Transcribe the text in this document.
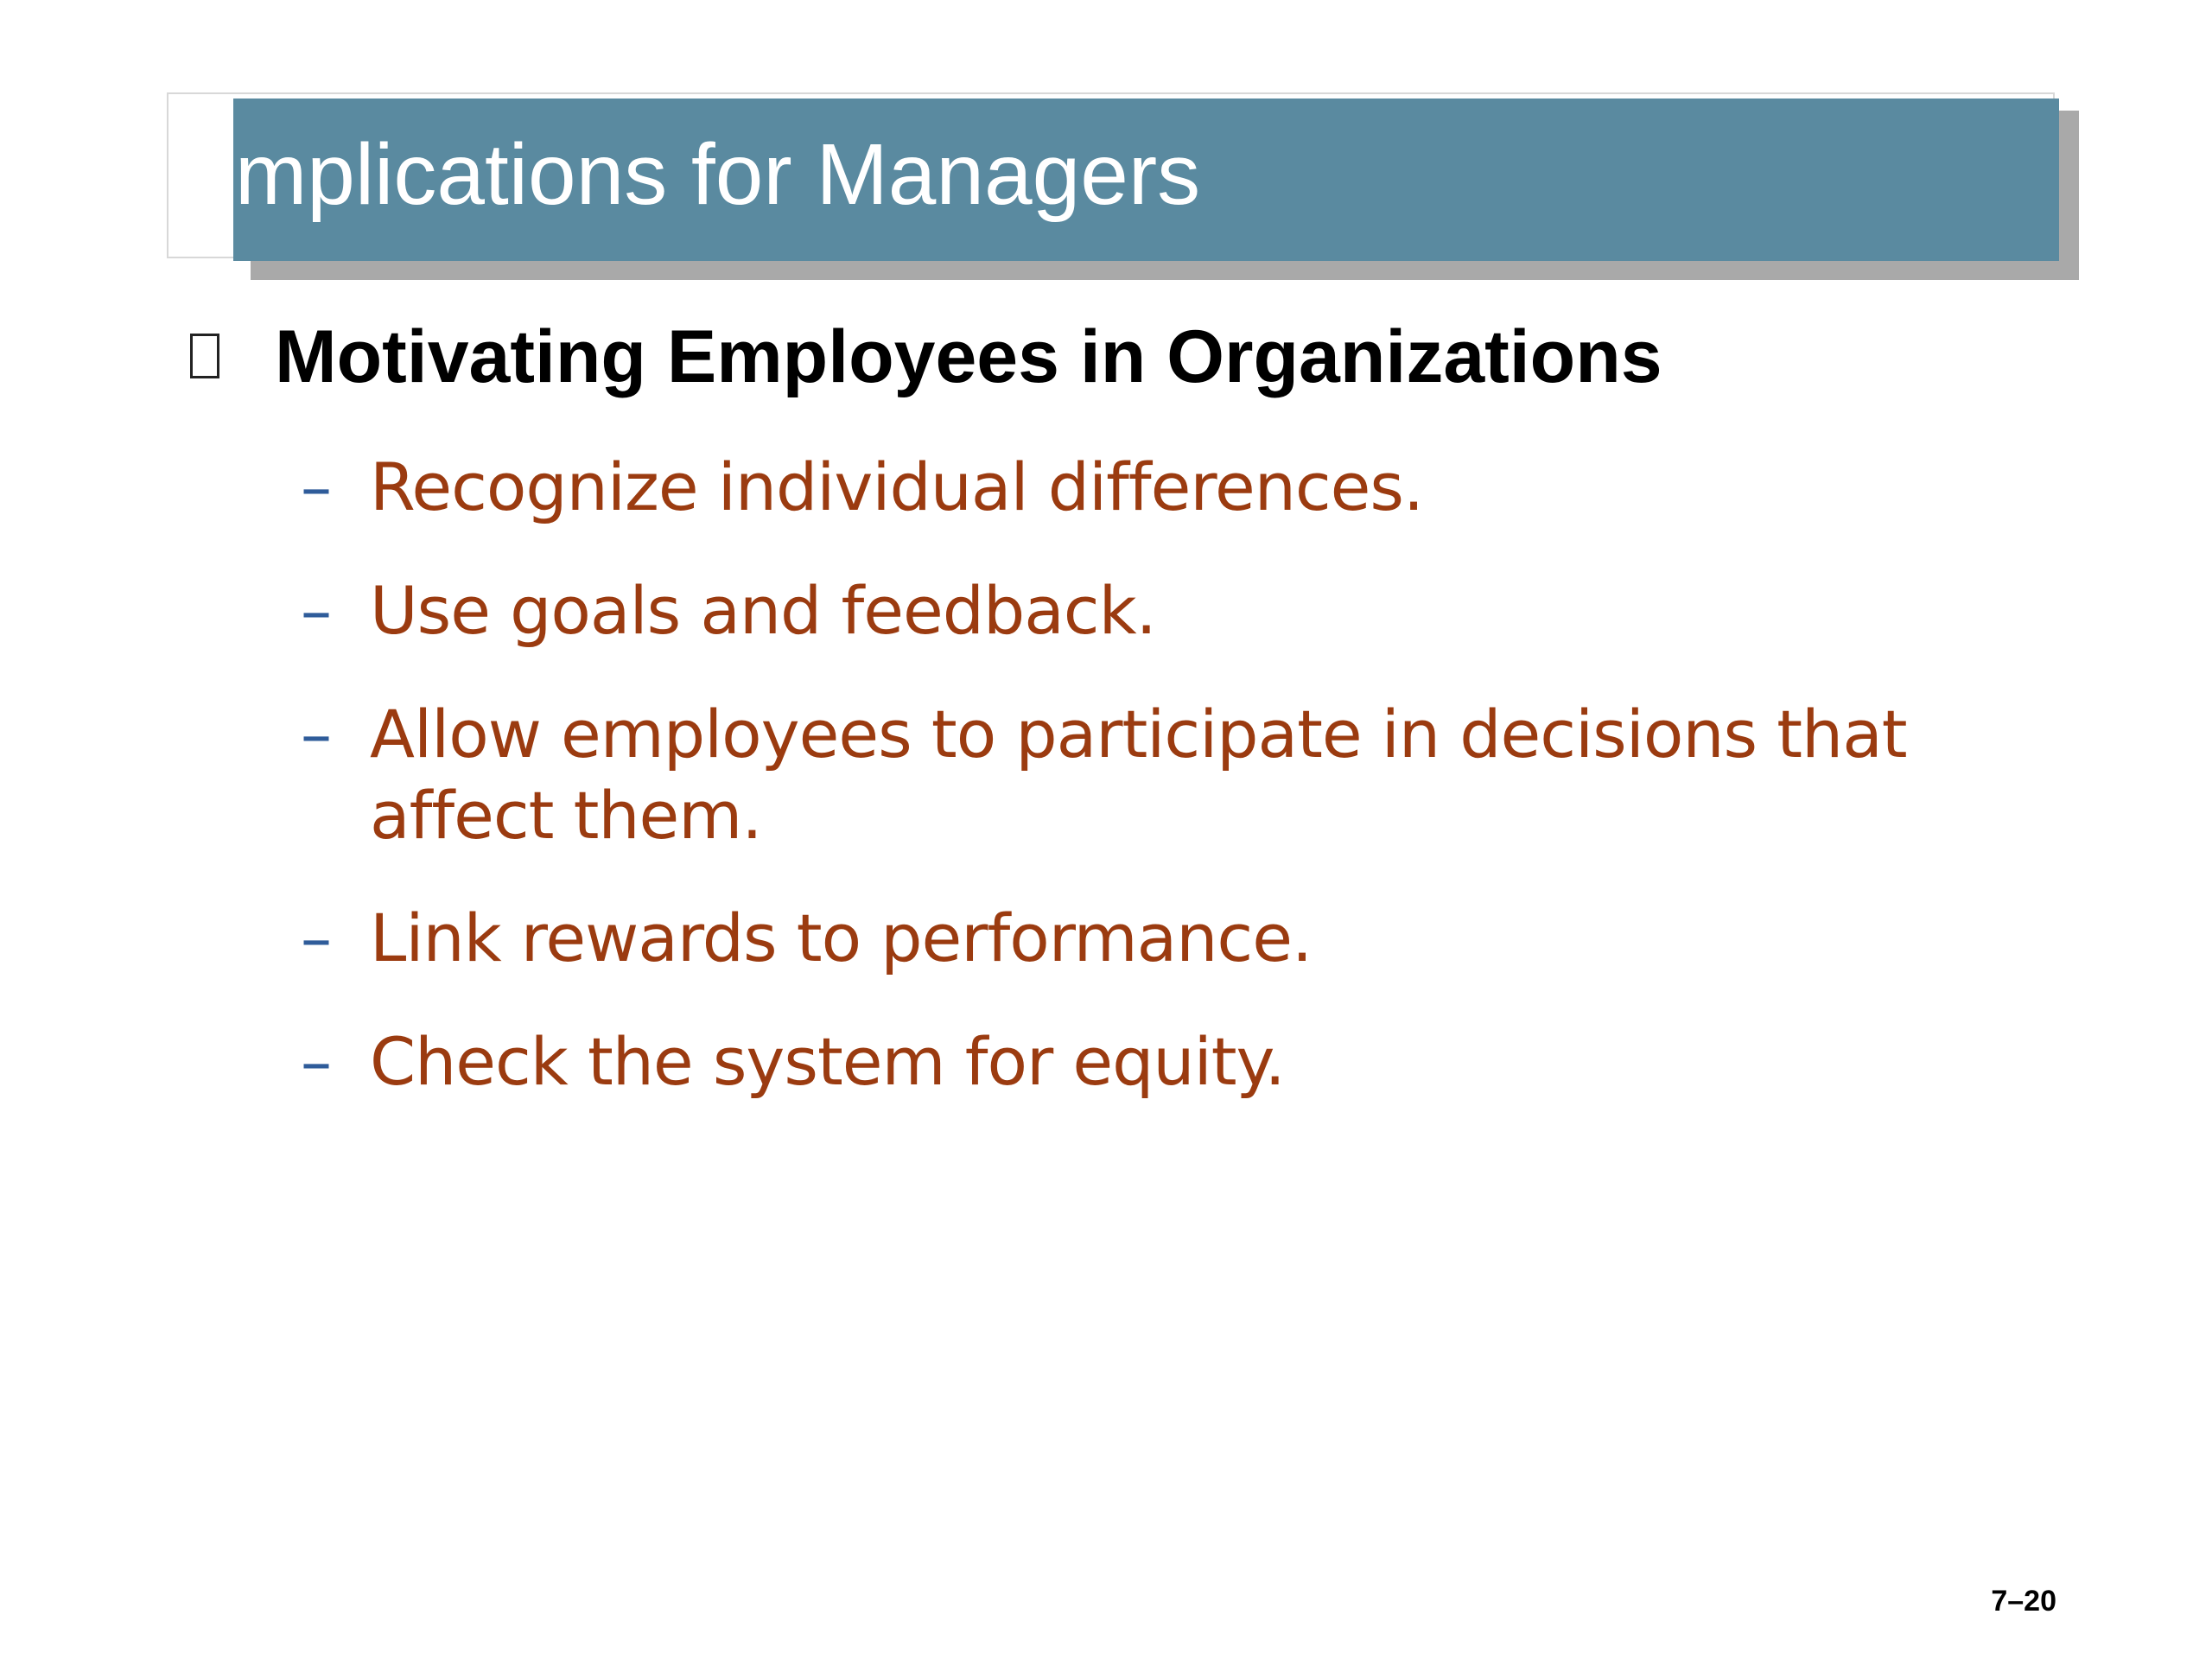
mplications for Managers
Motivating Employees in Organizations
– Recognize individual differences.
– Use goals and feedback.
– Allow employees to participate in decisions that affect them.
– Link rewards to performance.
– Check the system for equity.
7–20
